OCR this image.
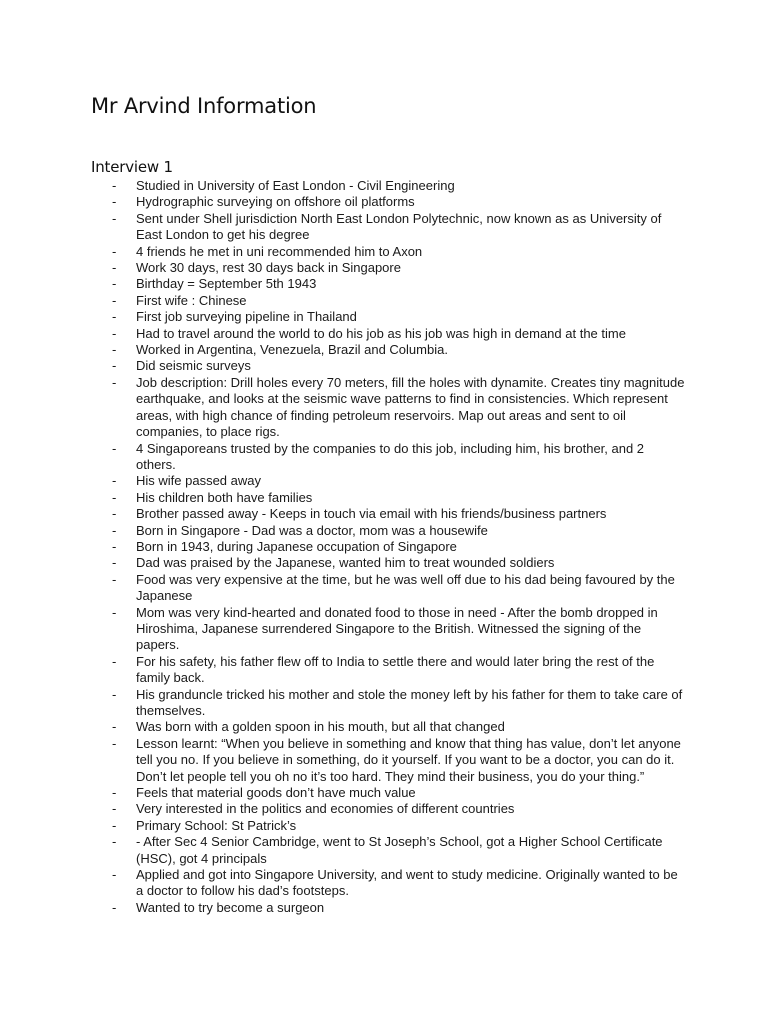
Mr Arvind Information
Interview 1
-	Studied in University of East London - Civil Engineering
-	Hydrographic surveying on offshore oil platforms
-	Sent under Shell jurisdiction North East London Polytechnic, now known as as University of East London to get his degree
-	4 friends he met in uni recommended him to Axon
-	Work 30 days, rest 30 days back in Singapore
-	Birthday = September 5th 1943
-	First wife : Chinese
-	First job surveying pipeline in Thailand
-	Had to travel around the world to do his job as his job was high in demand at the time
-	Worked in Argentina, Venezuela, Brazil and Columbia.
-	Did seismic surveys
-	Job description: Drill holes every 70 meters, fill the holes with dynamite. Creates tiny magnitude earthquake, and looks at the seismic wave patterns to find in consistencies. Which represent areas, with high chance of finding petroleum reservoirs. Map out areas and sent to oil companies, to place rigs.
-	4 Singaporeans trusted by the companies to do this job, including him, his brother, and 2 others.
-	His wife passed away
-	His children both have families
-	Brother passed away - Keeps in touch via email with his friends/business partners
-	Born in Singapore - Dad was a doctor, mom was a housewife
-	Born in 1943, during Japanese occupation of Singapore
-	Dad was praised by the Japanese, wanted him to treat wounded soldiers
-	Food was very expensive at the time, but he was well off due to his dad being favoured by the Japanese
-	Mom was very kind-hearted and donated food to those in need - After the bomb dropped in Hiroshima, Japanese surrendered Singapore to the British. Witnessed the signing of the papers.
-	For his safety, his father flew off to India to settle there and would later bring the rest of the family back.
-	His granduncle tricked his mother and stole the money left by his father for them to take care of themselves.
-	Was born with a golden spoon in his mouth, but all that changed
-	Lesson learnt: “When you believe in something and know that thing has value, don’t let anyone tell you no. If you believe in something, do it yourself. If you want to be a doctor, you can do it. Don’t let people tell you oh no it’s too hard. They mind their business, you do your thing.”
-	Feels that material goods don’t have much value
-	Very interested in the politics and economies of different countries
-	Primary School: St Patrick’s
-	- After Sec 4 Senior Cambridge, went to St Joseph’s School, got a Higher School Certificate (HSC), got 4 principals
-	Applied and got into Singapore University, and went to study medicine. Originally wanted to be a doctor to follow his dad’s footsteps.
-	Wanted to try become a surgeon
